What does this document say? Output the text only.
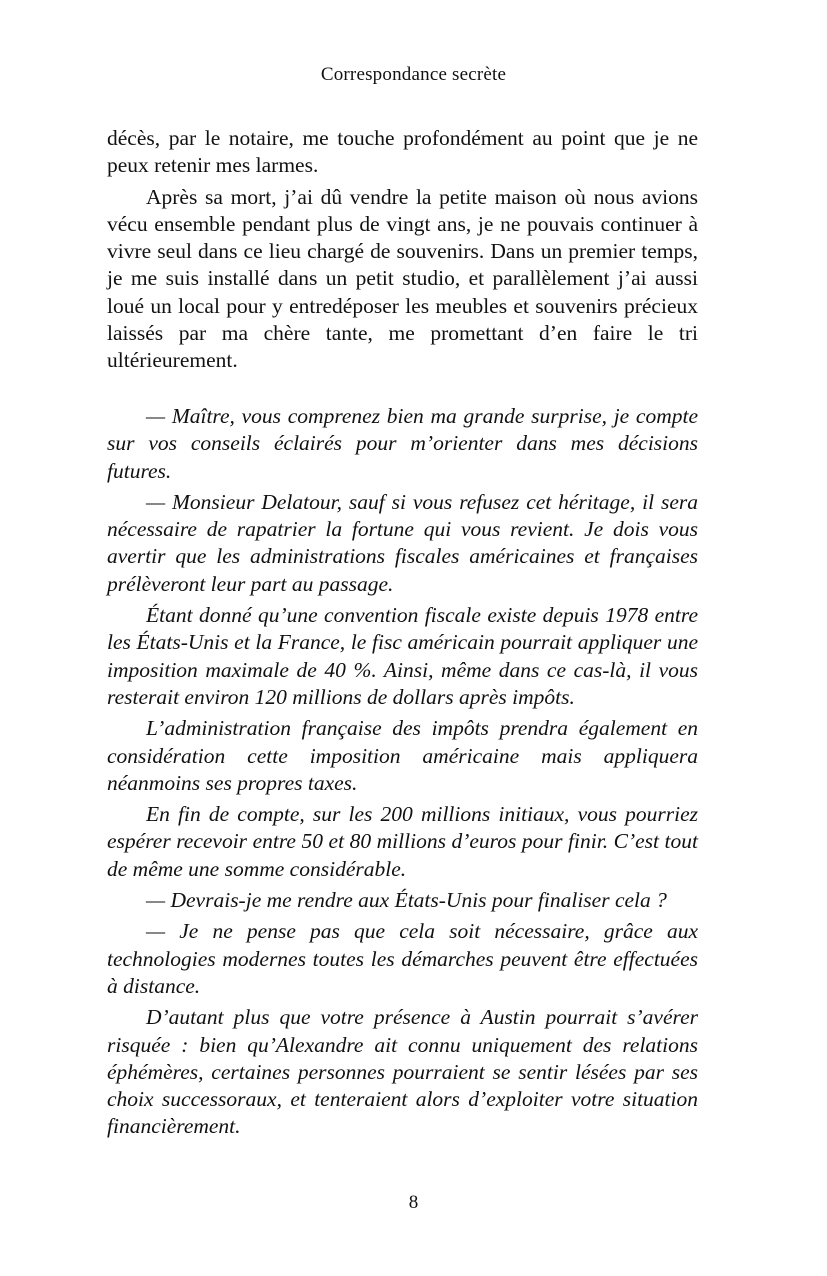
Correspondance secrète

décès, par le notaire, me touche profondément au point que je ne peux retenir mes larmes.

Après sa mort, j’ai dû vendre la petite maison où nous avions vécu ensemble pendant plus de vingt ans, je ne pouvais continuer à vivre seul dans ce lieu chargé de souvenirs. Dans un premier temps, je me suis installé dans un petit studio, et parallèlement j’ai aussi loué un local pour y entredéposer les meubles et souvenirs précieux laissés par ma chère tante, me promettant d’en faire le tri ultérieurement.

— Maître, vous comprenez bien ma grande surprise, je compte sur vos conseils éclairés pour m’orienter dans mes décisions futures.

— Monsieur Delatour, sauf si vous refusez cet héritage, il sera nécessaire de rapatrier la fortune qui vous revient. Je dois vous avertir que les administrations fiscales américaines et françaises prélèveront leur part au passage.

Étant donné qu’une convention fiscale existe depuis 1978 entre les États-Unis et la France, le fisc américain pourrait appliquer une imposition maximale de 40 %. Ainsi, même dans ce cas-là, il vous resterait environ 120 millions de dollars après impôts.

L’administration française des impôts prendra également en considération cette imposition américaine mais appliquera néanmoins ses propres taxes.

En fin de compte, sur les 200 millions initiaux, vous pourriez espérer recevoir entre 50 et 80 millions d’euros pour finir. C’est tout de même une somme considérable.

— Devrais-je me rendre aux États-Unis pour finaliser cela ?

— Je ne pense pas que cela soit nécessaire, grâce aux technologies modernes toutes les démarches peuvent être effectuées à distance.

D’autant plus que votre présence à Austin pourrait s’avérer risquée : bien qu’Alexandre ait connu uniquement des relations éphémères, certaines personnes pourraient se sentir lésées par ses choix successoraux, et tenteraient alors d’exploiter votre situation financièrement.

8
